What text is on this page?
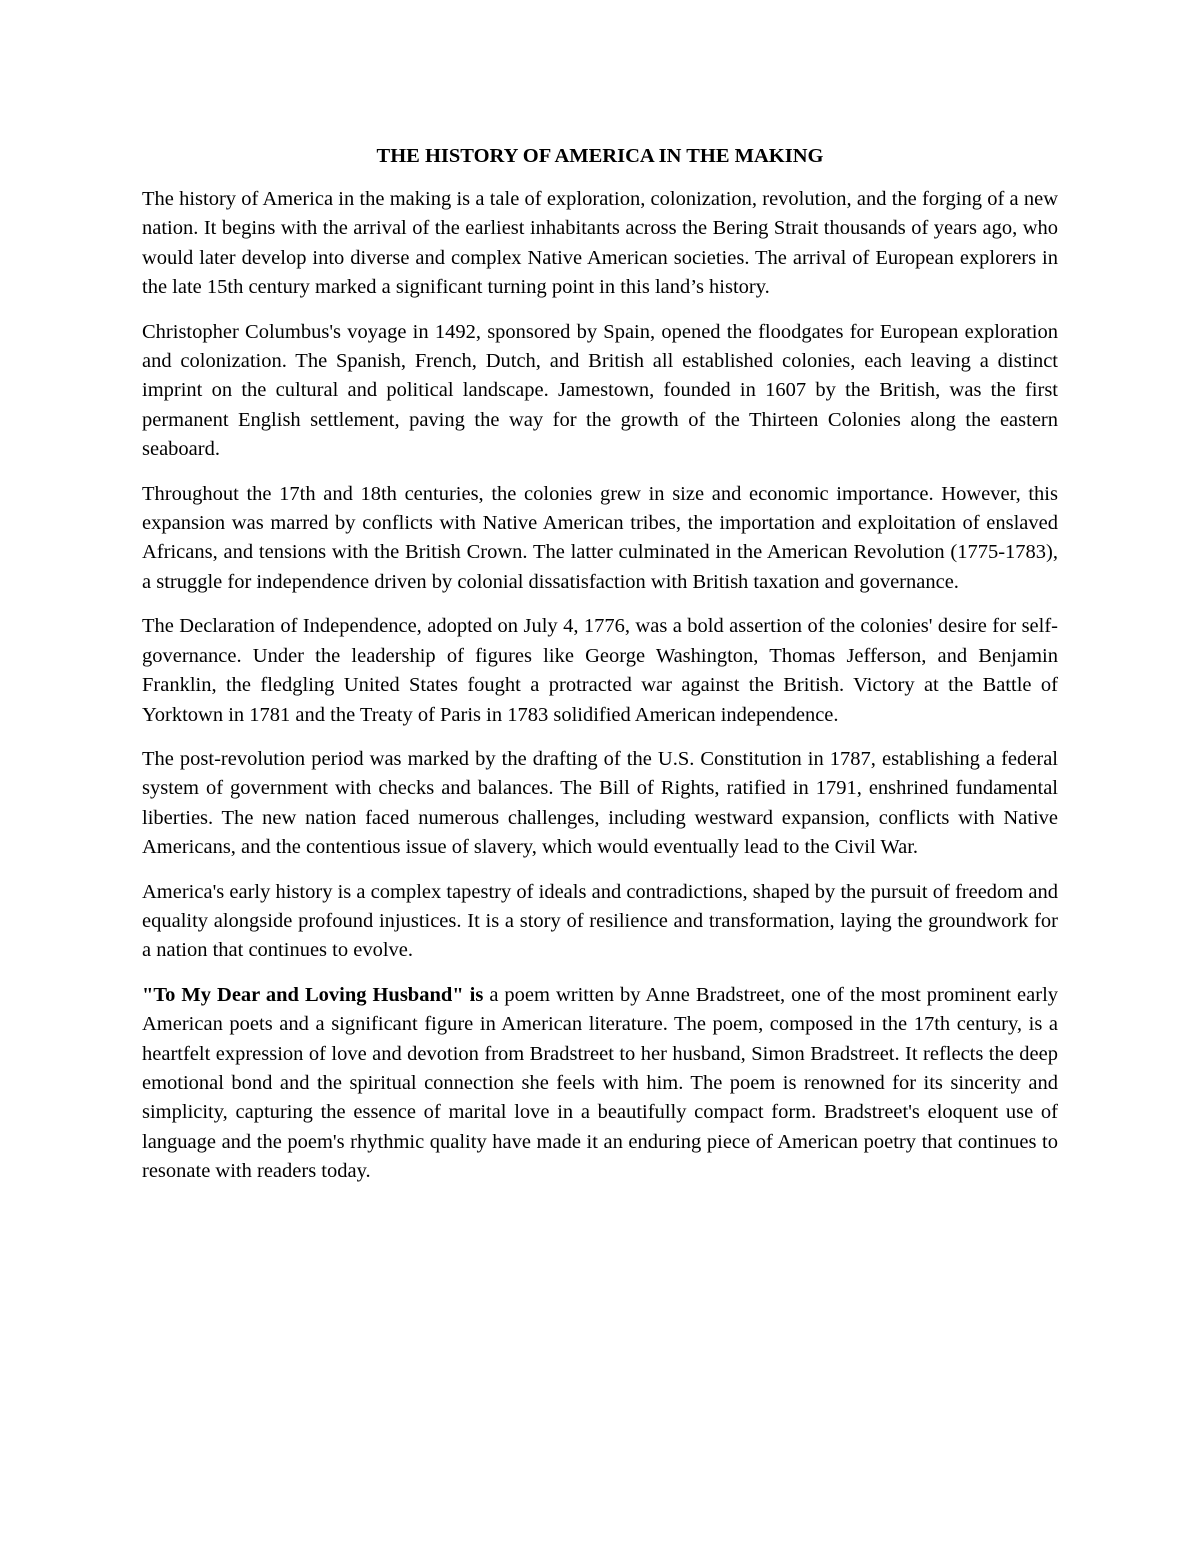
THE HISTORY OF AMERICA IN THE MAKING

The history of America in the making is a tale of exploration, colonization, revolution, and the forging of a new nation. It begins with the arrival of the earliest inhabitants across the Bering Strait thousands of years ago, who would later develop into diverse and complex Native American societies. The arrival of European explorers in the late 15th century marked a significant turning point in this land’s history.

Christopher Columbus's voyage in 1492, sponsored by Spain, opened the floodgates for European exploration and colonization. The Spanish, French, Dutch, and British all established colonies, each leaving a distinct imprint on the cultural and political landscape. Jamestown, founded in 1607 by the British, was the first permanent English settlement, paving the way for the growth of the Thirteen Colonies along the eastern seaboard.

Throughout the 17th and 18th centuries, the colonies grew in size and economic importance. However, this expansion was marred by conflicts with Native American tribes, the importation and exploitation of enslaved Africans, and tensions with the British Crown. The latter culminated in the American Revolution (1775-1783), a struggle for independence driven by colonial dissatisfaction with British taxation and governance.

The Declaration of Independence, adopted on July 4, 1776, was a bold assertion of the colonies' desire for self-governance. Under the leadership of figures like George Washington, Thomas Jefferson, and Benjamin Franklin, the fledgling United States fought a protracted war against the British. Victory at the Battle of Yorktown in 1781 and the Treaty of Paris in 1783 solidified American independence.

The post-revolution period was marked by the drafting of the U.S. Constitution in 1787, establishing a federal system of government with checks and balances. The Bill of Rights, ratified in 1791, enshrined fundamental liberties. The new nation faced numerous challenges, including westward expansion, conflicts with Native Americans, and the contentious issue of slavery, which would eventually lead to the Civil War.

America's early history is a complex tapestry of ideals and contradictions, shaped by the pursuit of freedom and equality alongside profound injustices. It is a story of resilience and transformation, laying the groundwork for a nation that continues to evolve.

"To My Dear and Loving Husband" is a poem written by Anne Bradstreet, one of the most prominent early American poets and a significant figure in American literature. The poem, composed in the 17th century, is a heartfelt expression of love and devotion from Bradstreet to her husband, Simon Bradstreet. It reflects the deep emotional bond and the spiritual connection she feels with him. The poem is renowned for its sincerity and simplicity, capturing the essence of marital love in a beautifully compact form. Bradstreet's eloquent use of language and the poem's rhythmic quality have made it an enduring piece of American poetry that continues to resonate with readers today.
